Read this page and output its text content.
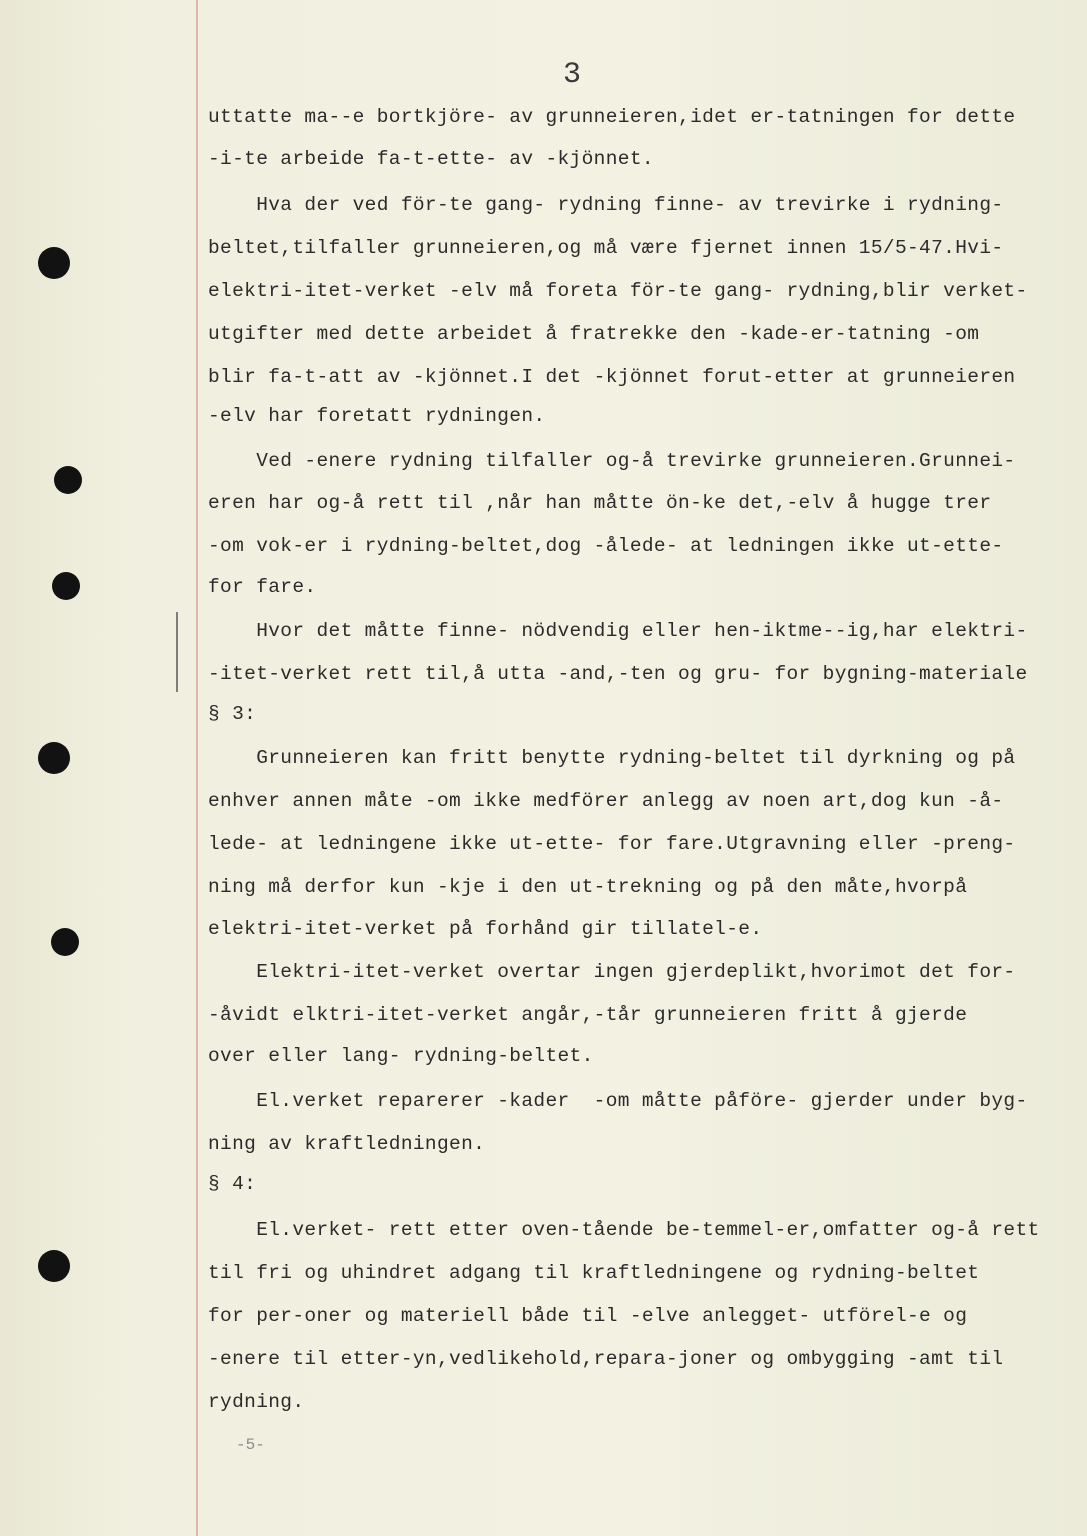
3
uttatte ma--e bortkjöre- av grunneieren,idet er-tatningen for dette
-i-te arbeide fa-t-ette- av -kjönnet.
Hva der ved för-te gang- rydning finne- av trevirke i rydning-
beltet,tilfaller grunneieren,og må være fjernet innen 15/5-47.Hvi-
elektri-itet-verket -elv må foreta för-te gang- rydning,blir verket-
utgifter med dette arbeidet å fratrekke den -kade-er-tatning -om
blir fa-t-att av -kjönnet.I det -kjönnet forut-etter at grunneieren
-elv har foretatt rydningen.
Ved -enere rydning tilfaller og-å trevirke grunneieren.Grunnei-
eren har og-å rett til ,når han måtte ön-ke det,-elv å hugge trer
-om vok-er i rydning-beltet,dog -ålede- at ledningen ikke ut-ette-
for fare.
Hvor det måtte finne- nödvendig eller hen-iktme--ig,har elektri-
-itet-verket rett til,å utta -and,-ten og gru- for bygning-materiale
§ 3:
Grunneieren kan fritt benytte rydning-beltet til dyrkning og på
enhver annen måte -om ikke medförer anlegg av noen art,dog kun -å-
lede- at ledningene ikke ut-ette- for fare.Utgravning eller -preng-
ning må derfor kun -kje i den ut-trekning og på den måte,hvorpå
elektri-itet-verket på forhånd gir tillatel-e.
Elektri-itet-verket overtar ingen gjerdeplikt,hvorimot det for-
-åvidt elktri-itet-verket angår,-tår grunneieren fritt å gjerde
over eller lang- rydning-beltet.
El.verket reparerer -kader  -om måtte påföre- gjerder under byg-
ning av kraftledningen.
§ 4:
El.verket- rett etter oven-tående be-temmel-er,omfatter og-å rett
til fri og uhindret adgang til kraftledningene og rydning-beltet
for per-oner og materiell både til -elve anlegget- utförel-e og
-enere til etter-yn,vedlikehold,repara-joner og ombygging -amt til
rydning.
-5-
